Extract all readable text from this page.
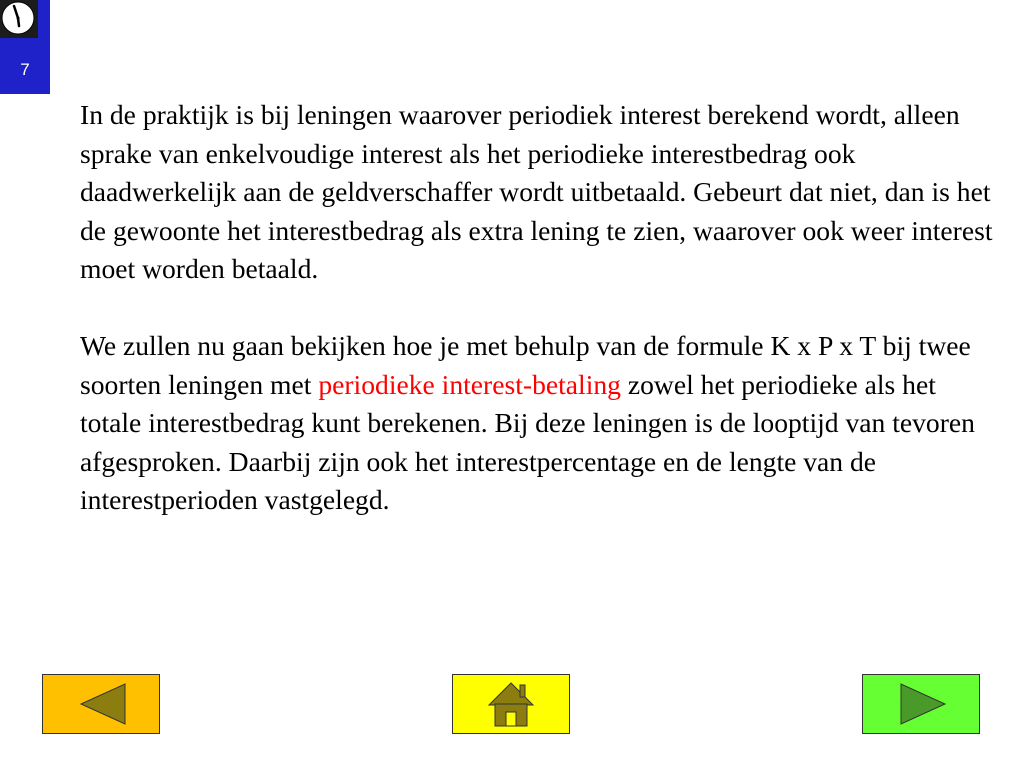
7

In de praktijk is bij leningen waarover periodiek interest berekend wordt, alleen sprake van enkelvoudige interest als het periodieke interestbedrag ook daadwerkelijk aan de geldverschaffer wordt uitbetaald. Gebeurt dat niet, dan is het de gewoonte het interestbedrag als extra lening te zien, waarover ook weer interest moet worden betaald.

We zullen nu gaan bekijken hoe je met behulp van de formule K x P x T bij twee soorten leningen met periodieke interest-betaling zowel het periodieke als het totale interestbedrag kunt berekenen. Bij deze leningen is de looptijd van tevoren afgesproken. Daarbij zijn ook het interestpercentage en de lengte van de interestperioden vastgelegd.
